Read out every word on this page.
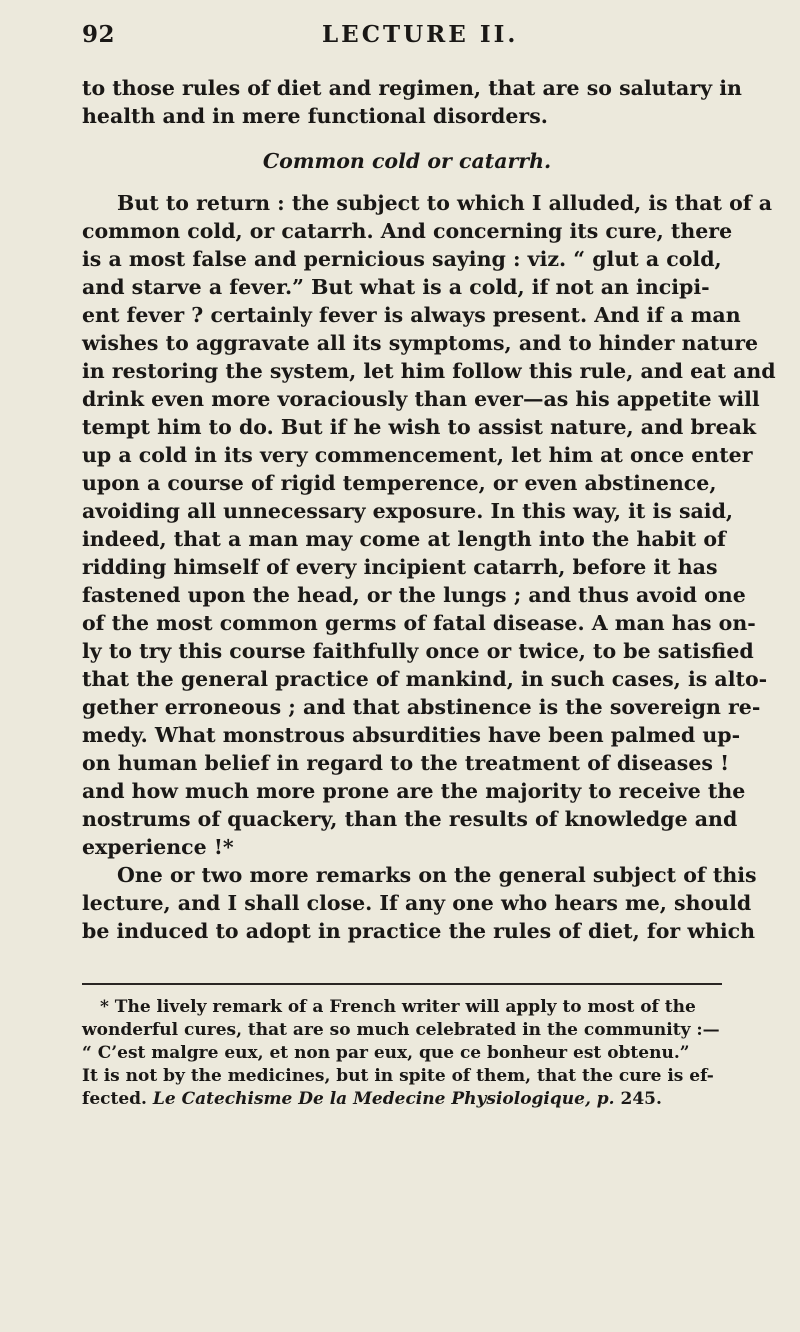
92	LECTURE II.
to those rules of diet and regimen, that are so salutary in
health and in mere functional disorders.
Common cold or catarrh.
But to return : the subject to which I alluded, is that of a
common cold, or catarrh. And concerning its cure, there
is a most false and pernicious saying : viz. “ glut a cold,
and starve a fever.” But what is a cold, if not an incipi-
ent fever ? certainly fever is always present. And if a man
wishes to aggravate all its symptoms, and to hinder nature
in restoring the system, let him follow this rule, and eat and
drink even more voraciously than ever—as his appetite will
tempt him to do. But if he wish to assist nature, and break
up a cold in its very commencement, let him at once enter
upon a course of rigid temperence, or even abstinence,
avoiding all unnecessary exposure. In this way, it is said,
indeed, that a man may come at length into the habit of
ridding himself of every incipient catarrh, before it has
fastened upon the head, or the lungs ; and thus avoid one
of the most common germs of fatal disease. A man has on-
ly to try this course faithfully once or twice, to be satisfied
that the general practice of mankind, in such cases, is alto-
gether erroneous ; and that abstinence is the sovereign re-
medy. What monstrous absurdities have been palmed up-
on human belief in regard to the treatment of diseases !
and how much more prone are the majority to receive the
nostrums of quackery, than the results of knowledge and
experience !*
One or two more remarks on the general subject of this
lecture, and I shall close. If any one who hears me, should
be induced to adopt in practice the rules of diet, for which
* The lively remark of a French writer will apply to most of the
wonderful cures, that are so much celebrated in the community :—
“ C’est malgre eux, et non par eux, que ce bonheur est obtenu.”
It is not by the medicines, but in spite of them, that the cure is ef-
fected. Le Catechisme De la Medecine Physiologique, p. 245.
